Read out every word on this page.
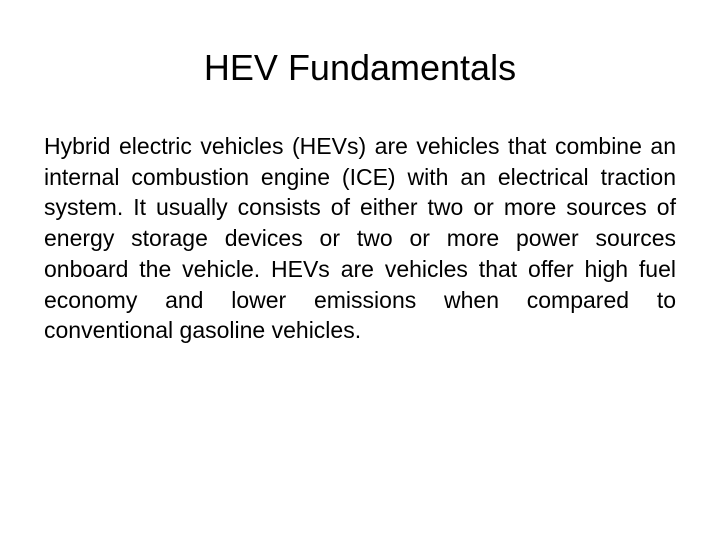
HEV Fundamentals

Hybrid electric vehicles (HEVs) are vehicles that combine an internal combustion engine (ICE) with an electrical traction system. It usually consists of either two or more sources of energy storage devices or two or more power sources onboard the vehicle. HEVs are vehicles that offer high fuel economy and lower emissions when compared to conventional gasoline vehicles.
